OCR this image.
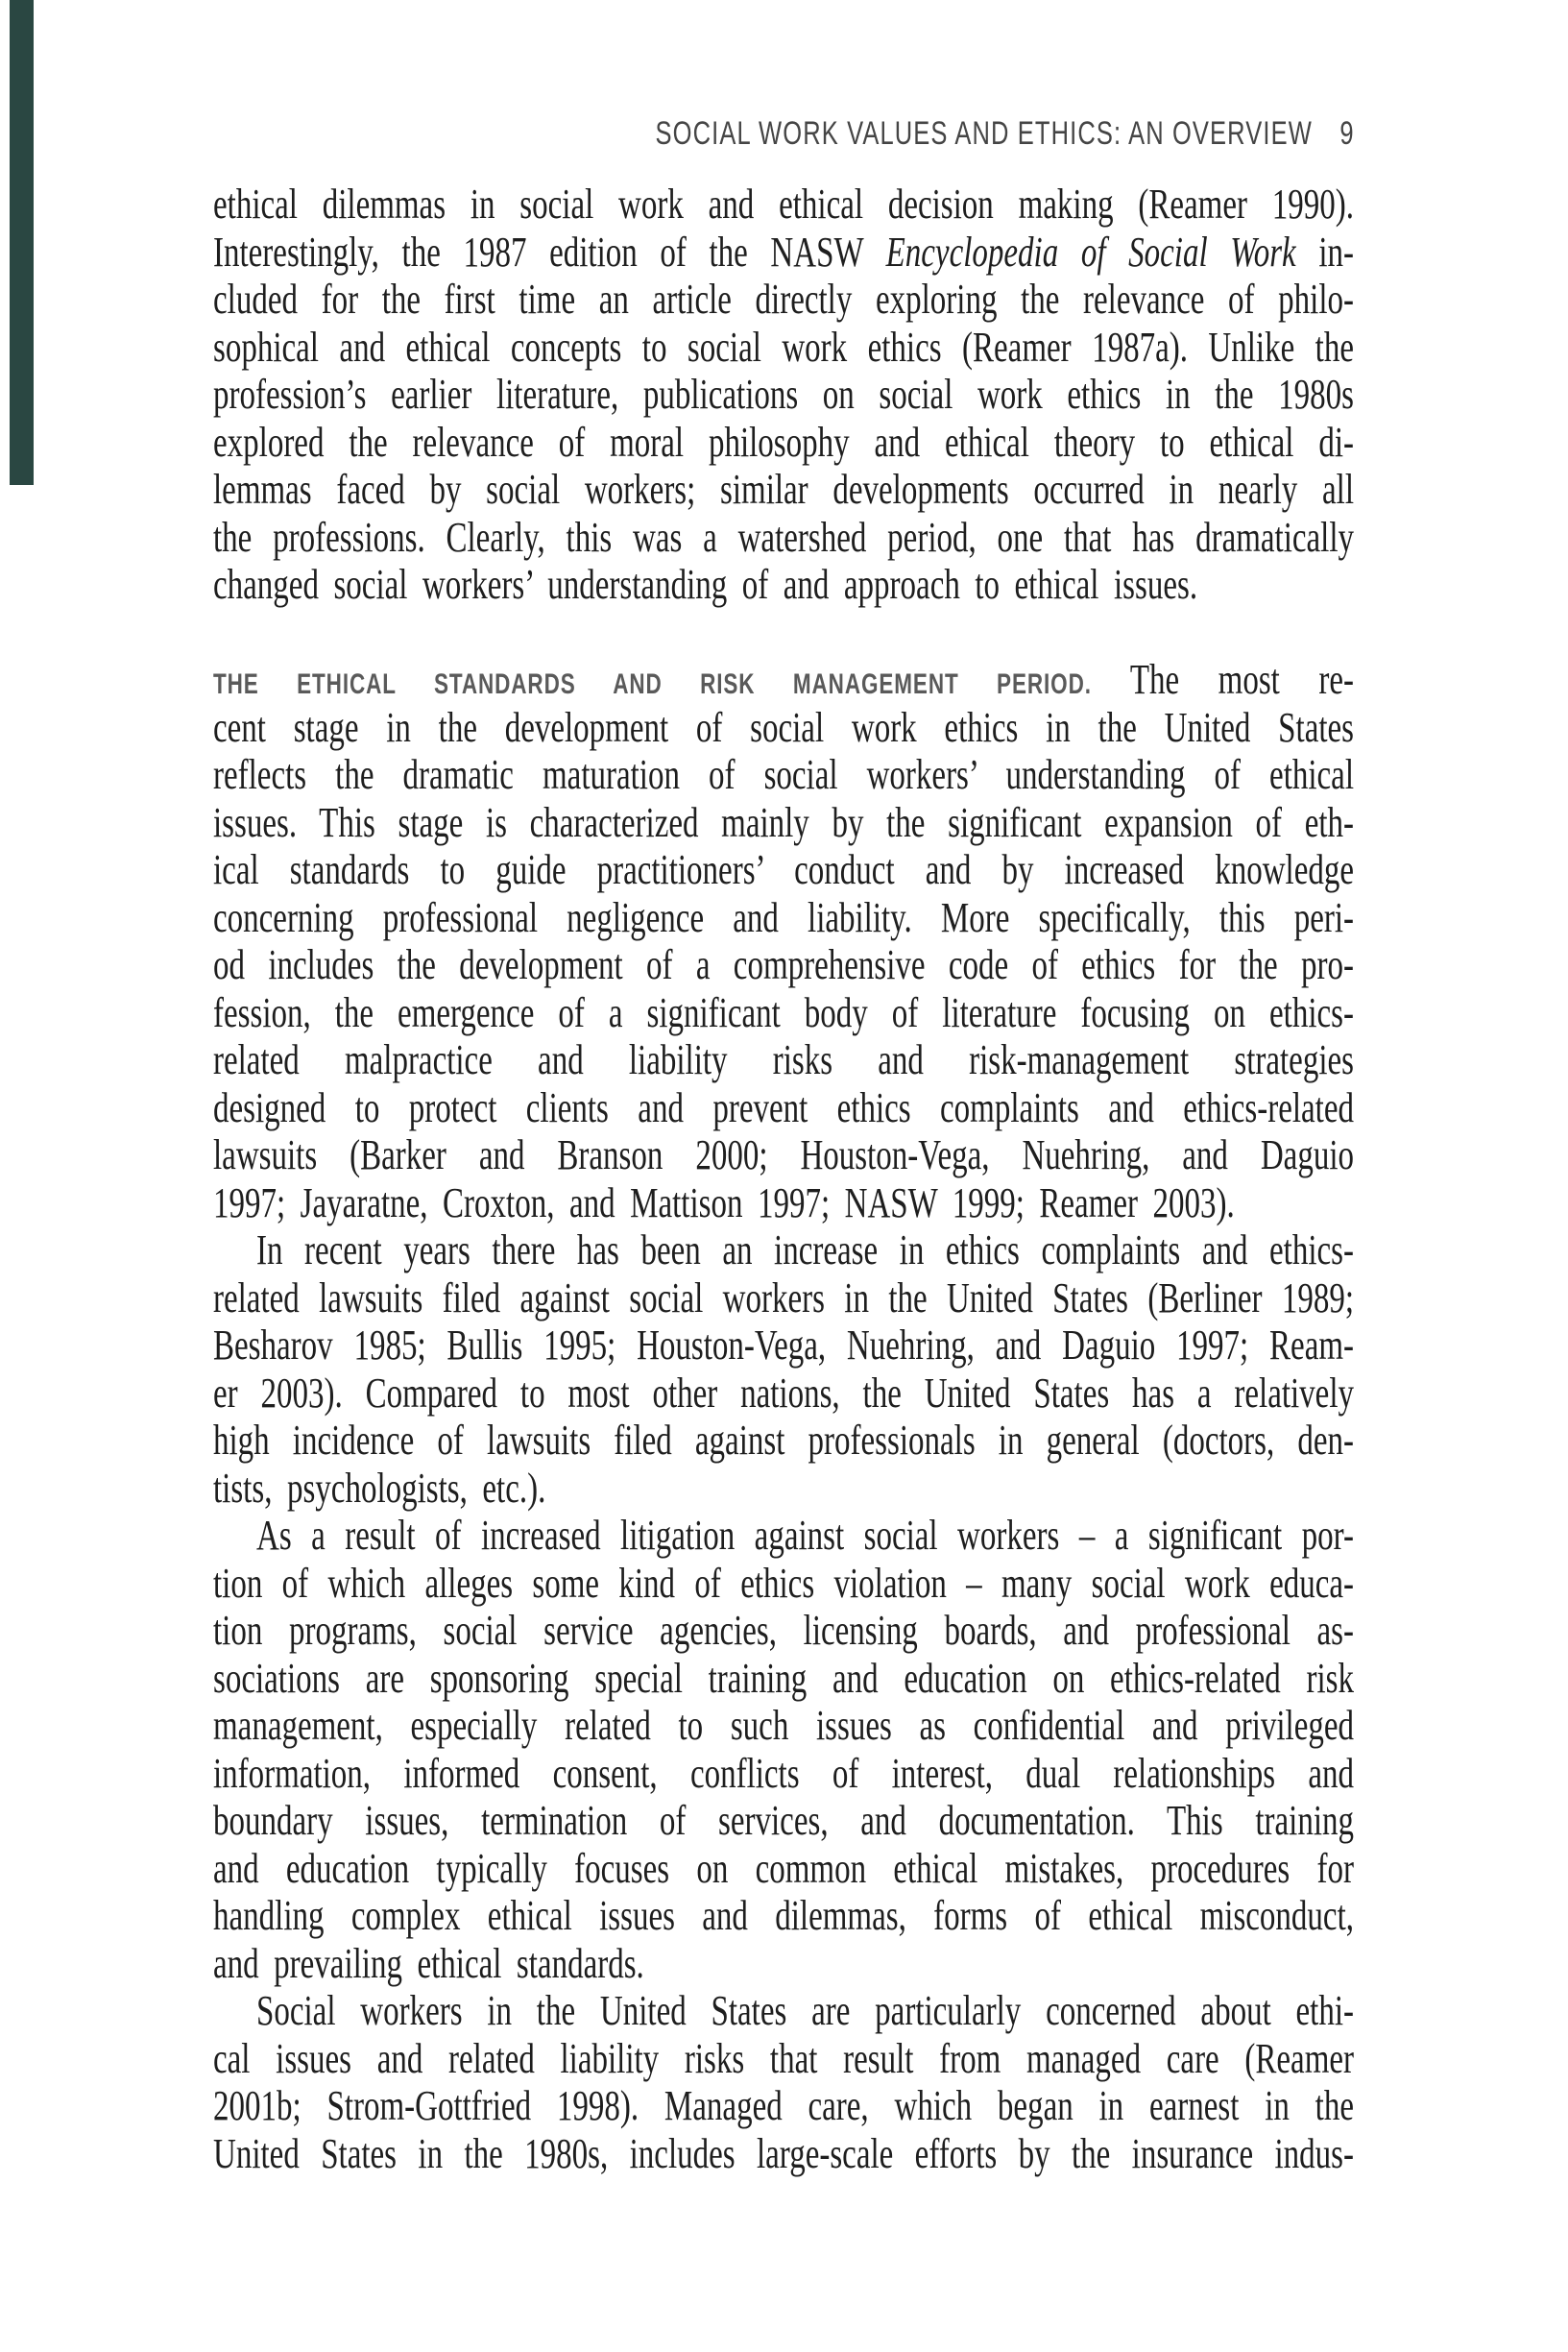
SOCIAL WORK VALUES AND ETHICS: AN OVERVIEW 9
ethical dilemmas in social work and ethical decision making (Reamer 1990).
Interestingly, the 1987 edition of the NASW Encyclopedia of Social Work in-
cluded for the first time an article directly exploring the relevance of philo-
sophical and ethical concepts to social work ethics (Reamer 1987a). Unlike the
profession’s earlier literature, publications on social work ethics in the 1980s
explored the relevance of moral philosophy and ethical theory to ethical di-
lemmas faced by social workers; similar developments occurred in nearly all
the professions. Clearly, this was a watershed period, one that has dramatically
changed social workers’ understanding of and approach to ethical issues.
THE ETHICAL STANDARDS AND RISK MANAGEMENT PERIOD. The most re-
cent stage in the development of social work ethics in the United States
reflects the dramatic maturation of social workers’ understanding of ethical
issues. This stage is characterized mainly by the significant expansion of eth-
ical standards to guide practitioners’ conduct and by increased knowledge
concerning professional negligence and liability. More specifically, this peri-
od includes the development of a comprehensive code of ethics for the pro-
fession, the emergence of a significant body of literature focusing on ethics-
related malpractice and liability risks and risk-management strategies
designed to protect clients and prevent ethics complaints and ethics-related
lawsuits (Barker and Branson 2000; Houston-Vega, Nuehring, and Daguio
1997; Jayaratne, Croxton, and Mattison 1997; NASW 1999; Reamer 2003).
In recent years there has been an increase in ethics complaints and ethics-
related lawsuits filed against social workers in the United States (Berliner 1989;
Besharov 1985; Bullis 1995; Houston-Vega, Nuehring, and Daguio 1997; Ream-
er 2003). Compared to most other nations, the United States has a relatively
high incidence of lawsuits filed against professionals in general (doctors, den-
tists, psychologists, etc.).
As a result of increased litigation against social workers – a significant por-
tion of which alleges some kind of ethics violation – many social work educa-
tion programs, social service agencies, licensing boards, and professional as-
sociations are sponsoring special training and education on ethics-related risk
management, especially related to such issues as confidential and privileged
information, informed consent, conflicts of interest, dual relationships and
boundary issues, termination of services, and documentation. This training
and education typically focuses on common ethical mistakes, procedures for
handling complex ethical issues and dilemmas, forms of ethical misconduct,
and prevailing ethical standards.
Social workers in the United States are particularly concerned about ethi-
cal issues and related liability risks that result from managed care (Reamer
2001b; Strom-Gottfried 1998). Managed care, which began in earnest in the
United States in the 1980s, includes large-scale efforts by the insurance indus-
